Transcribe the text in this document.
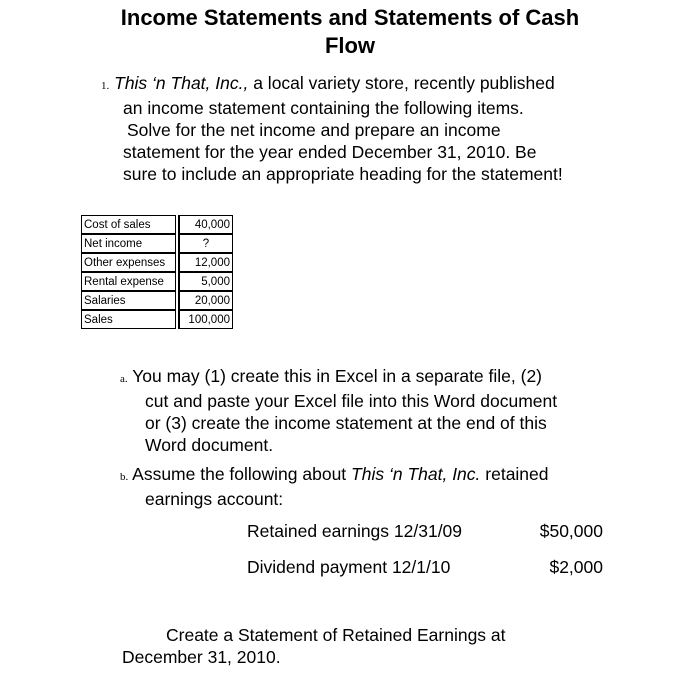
Income Statements and Statements of Cash
Flow
1. This ‘n That, Inc., a local variety store, recently published
an income statement containing the following items.
Solve for the net income and prepare an income
statement for the year ended December 31, 2010. Be
sure to include an appropriate heading for the statement!
Cost of sales		40,000
Net income		?
Other expenses		12,000
Rental expense		5,000
Salaries		20,000
Sales		100,000
a. You may (1) create this in Excel in a separate file, (2)
cut and paste your Excel file into this Word document
or (3) create the income statement at the end of this
Word document.
b. Assume the following about This ‘n That, Inc. retained
earnings account:
Retained earnings 12/31/09	$50,000
Dividend payment 12/1/10	$2,000
Create a Statement of Retained Earnings at
December 31, 2010.
